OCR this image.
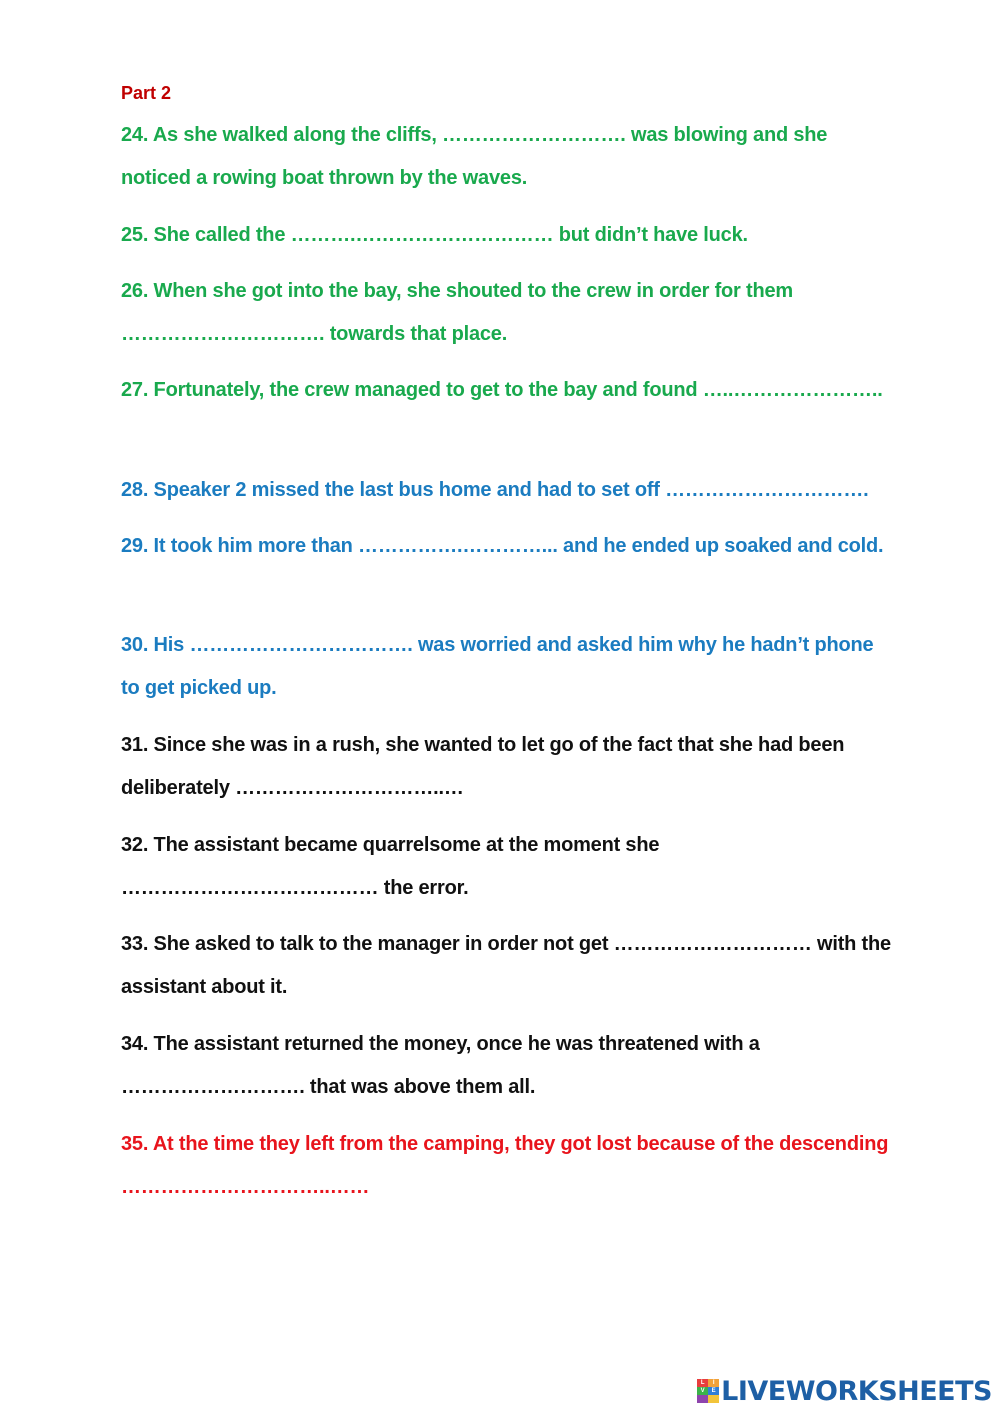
Part 2
24. As she walked along the cliffs, ………………………. was blowing and she noticed a rowing boat thrown by the waves.
25. She called the ……….………………………… but didn’t have luck.
26. When she got into the bay, she shouted to the crew in order for them …………………………. towards that place.
27. Fortunately, the crew managed to get to the bay and found …..…………………..
28. Speaker 2 missed the last bus home and had to set off ………………………….
29. It took him more than …………….…………... and he ended up soaked and cold.
30. His ……………………………. was worried and asked him why he hadn’t phone to get picked up.
31. Since she was in a rush, she wanted to let go of the fact that she had been deliberately …………………………..…
32. The assistant became quarrelsome at the moment she ………………………………… the error.
33. She asked to talk to the manager in order not get ………………………… with the assistant about it.
34. The assistant returned the money, once he was threatened with a ………………………. that was above them all.
35. At the time they left from the camping, they got lost because of the descending …………………………..……
L	I
V	E LIVEWORKSHEETS
